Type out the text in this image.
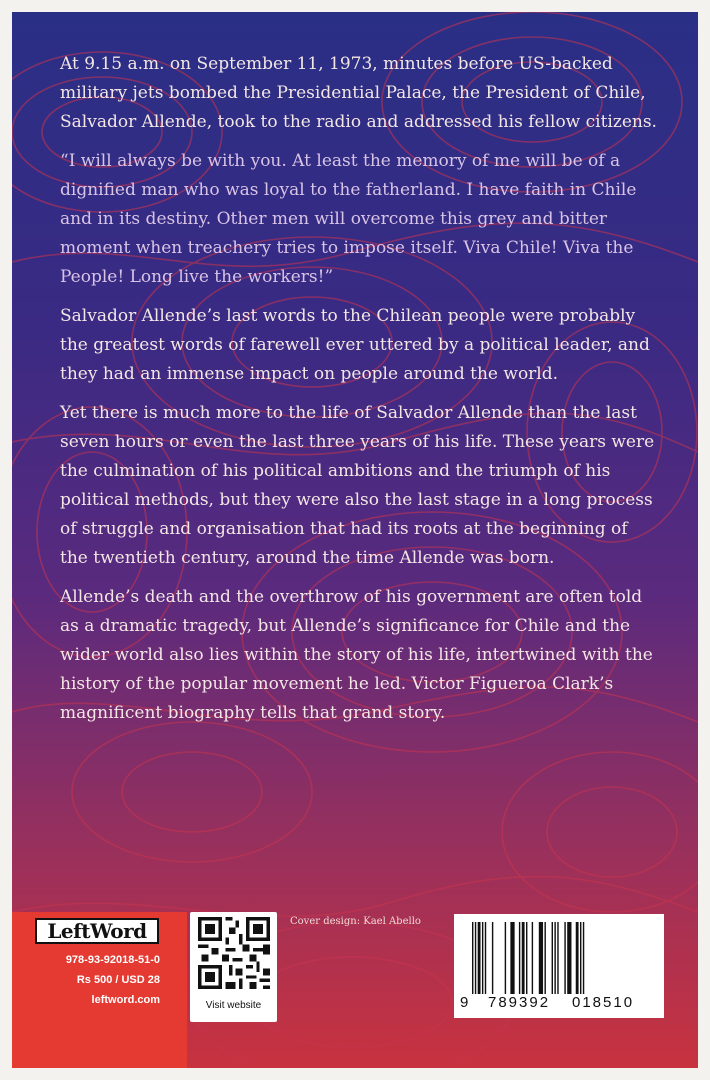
At 9.15 a.m. on September 11, 1973, minutes before US-backed military jets bombed the Presidential Palace, the President of Chile, Salvador Allende, took to the radio and addressed his fellow citizens.

“I will always be with you. At least the memory of me will be of a dignified man who was loyal to the fatherland. I have faith in Chile and in its destiny. Other men will overcome this grey and bitter moment when treachery tries to impose itself. Viva Chile! Viva the People! Long live the workers!”

Salvador Allende’s last words to the Chilean people were probably the greatest words of farewell ever uttered by a political leader, and they had an immense impact on people around the world.

Yet there is much more to the life of Salvador Allende than the last seven hours or even the last three years of his life. These years were the culmination of his political ambitions and the triumph of his political methods, but they were also the last stage in a long process of struggle and organisation that had its roots at the beginning of the twentieth century, around the time Allende was born.

Allende’s death and the overthrow of his government are often told as a dramatic tragedy, but Allende’s significance for Chile and the wider world also lies within the story of his life, intertwined with the history of the popular movement he led. Victor Figueroa Clark’s magnificent biography tells that grand story.

LeftWord
978-93-92018-51-0
Rs 500 / USD 28
leftword.com	Visit website
Cover design: Kael Abello
9 789392 018510
